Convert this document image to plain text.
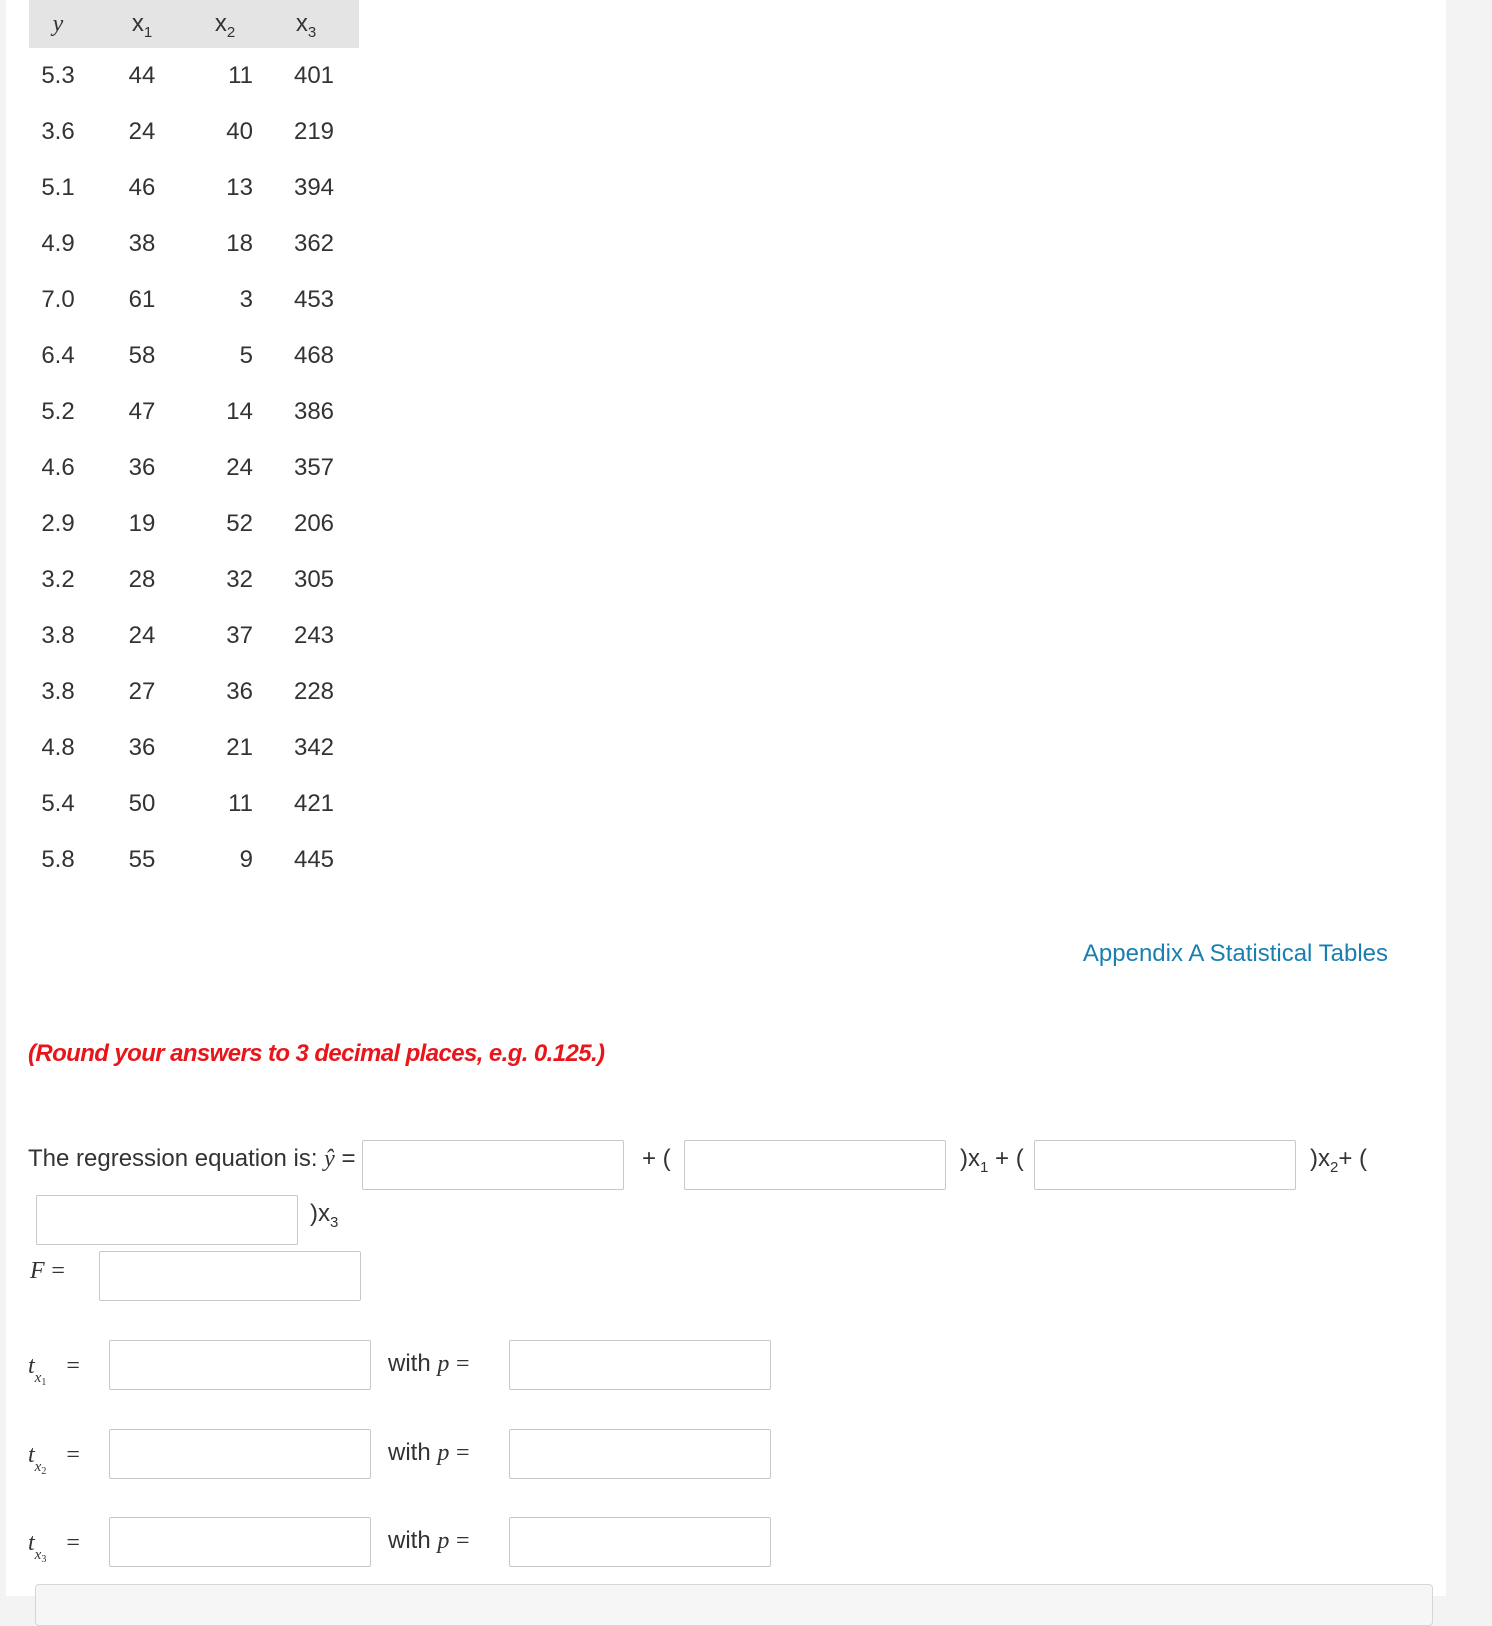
y	$x_1$	$x_2$	$x_3$
5.3	44	11	401
3.6	24	40	219
5.1	46	13	394
4.9	38	18	362
7.0	61	3	453
6.4	58	5	468
5.2	47	14	386
4.6	36	24	357
2.9	19	52	206
3.2	28	32	305
3.8	24	37	243
3.8	27	36	228
4.8	36	21	342
5.4	50	11	421
5.8	55	9	445
Appendix A Statistical Tables
(Round your answers to 3 decimal places, e.g. 0.125.)
The regression equation is: ŷ =	+ (	)$x_1$ + (	)$x_2+$ (
)$x_3$
F =
$t_{x_1}$   =	with p =
$t_{x_2}$   =	with p =
$t_{x_3}$   =	with p =
